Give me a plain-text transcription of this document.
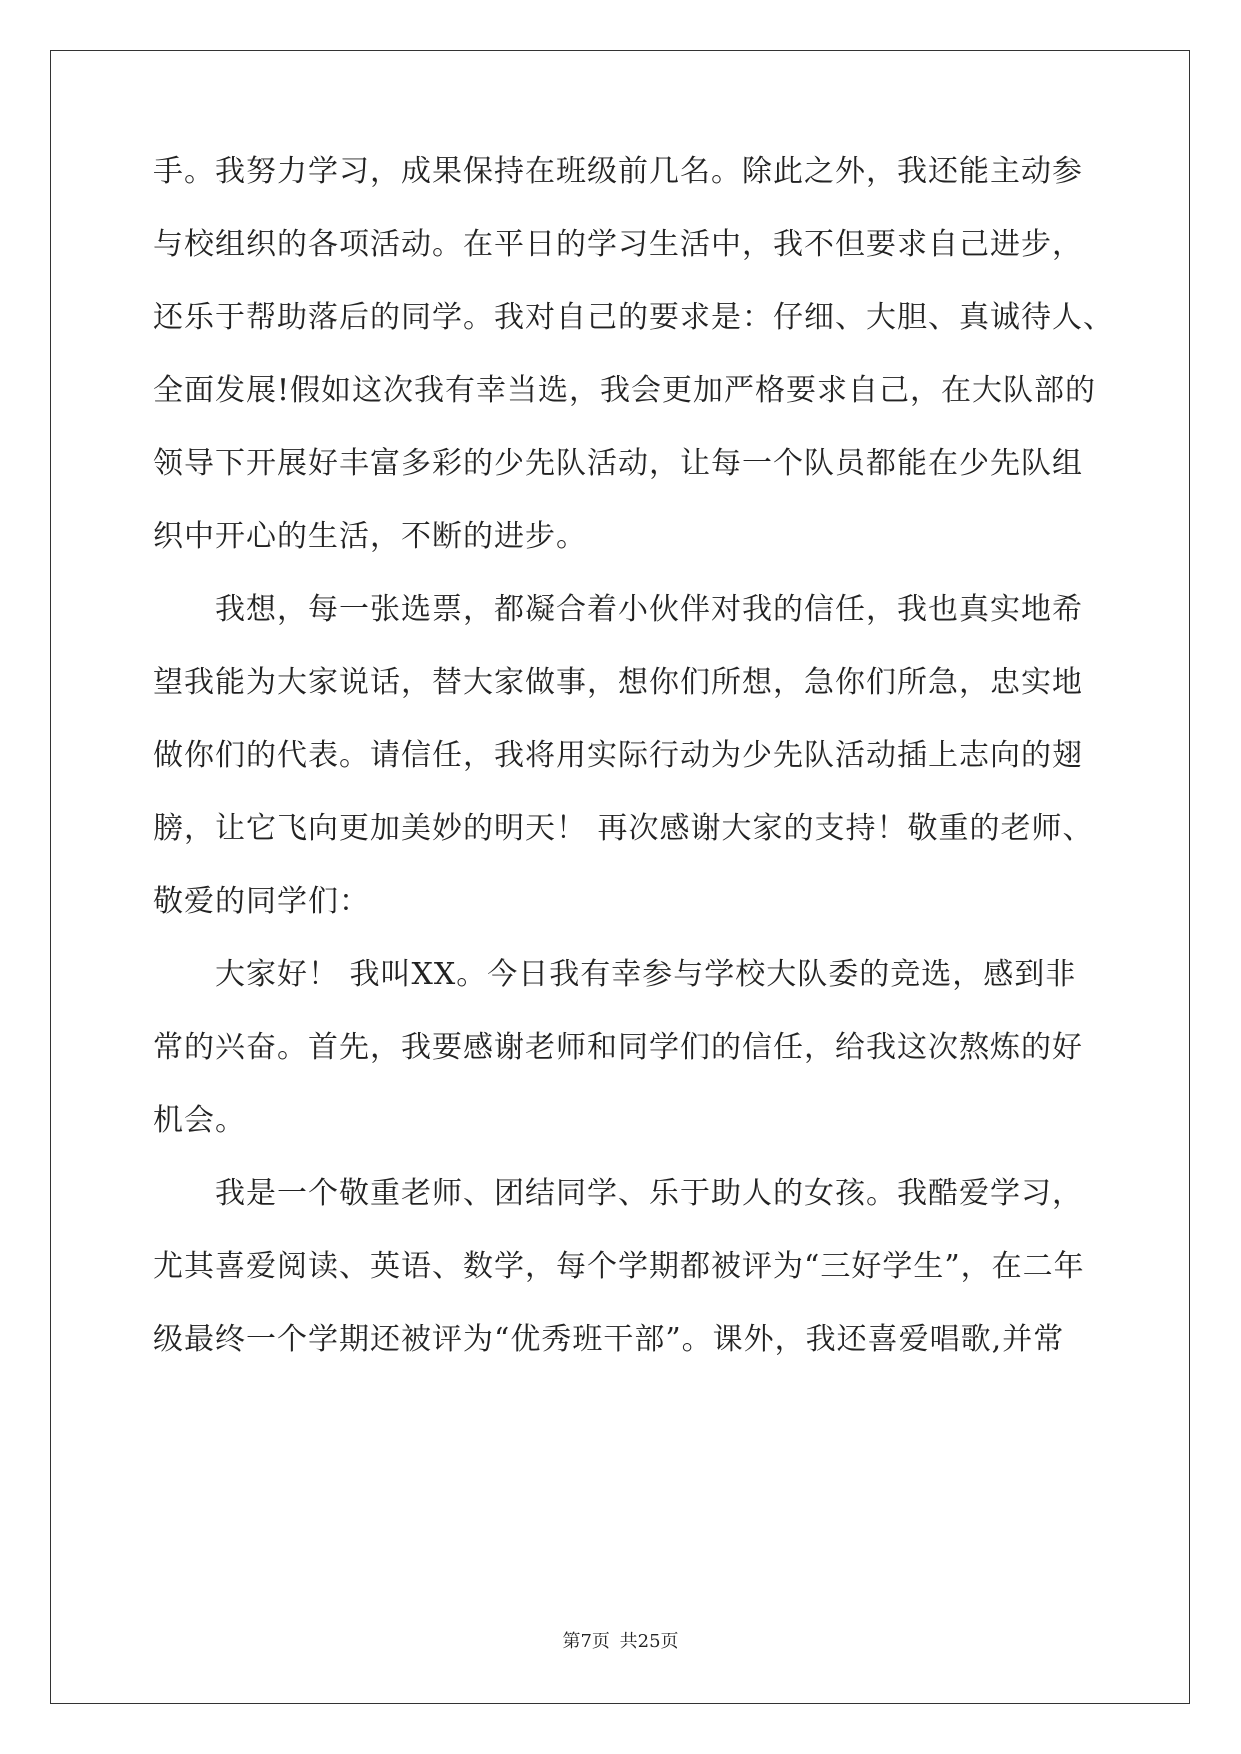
手。我努力学习，成果保持在班级前几名。除此之外，我还能主动参
与校组织的各项活动。在平日的学习生活中，我不但要求自己进步，
还乐于帮助落后的同学。我对自己的要求是：仔细、大胆、真诚待人、
全面发展!假如这次我有幸当选，我会更加严格要求自己，在大队部的
领导下开展好丰富多彩的少先队活动，让每一个队员都能在少先队组
织中开心的生活，不断的进步。
我想，每一张选票，都凝合着小伙伴对我的信任，我也真实地希
望我能为大家说话，替大家做事，想你们所想，急你们所急，忠实地
做你们的代表。请信任，我将用实际行动为少先队活动插上志向的翅
膀，让它飞向更加美妙的明天！ 再次感谢大家的支持！敬重的老师、
敬爱的同学们：
大家好！ 我叫XX。今日我有幸参与学校大队委的竞选，感到非
常的兴奋。首先，我要感谢老师和同学们的信任，给我这次熬炼的好
机会。
我是一个敬重老师、团结同学、乐于助人的女孩。我酷爱学习，
尤其喜爱阅读、英语、数学，每个学期都被评为“三好学生”，在二年
级最终一个学期还被评为“优秀班干部”。课外，我还喜爱唱歌,并常
第7页 共25页
